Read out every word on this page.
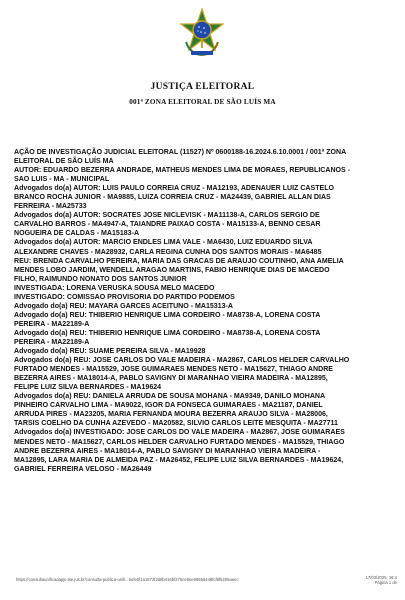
JUSTIÇA ELEITORAL
001ª ZONA ELEITORAL DE SÃO LUÍS MA
AÇÃO DE INVESTIGAÇÃO JUDICIAL ELEITORAL (11527) Nº 0600188-16.2024.6.10.0001 / 001ª ZONA
ELEITORAL DE SÃO LUÍS MA
AUTOR: EDUARDO BEZERRA ANDRADE, MATHEUS MENDES LIMA DE MORAES, REPUBLICANOS -
SAO LUIS - MA - MUNICIPAL
Advogados do(a) AUTOR: LUIS PAULO CORREIA CRUZ - MA12193, ADENAUER LUIZ CASTELO
BRANCO ROCHA JUNIOR - MA9885, LUIZA CORREIA CRUZ - MA24439, GABRIEL ALLAN DIAS
FERREIRA - MA25733
Advogados do(a) AUTOR: SOCRATES JOSE NICLEVISK - MA11138-A, CARLOS SERGIO DE
CARVALHO BARROS - MA4947-A, TAIANDRE PAIXAO COSTA - MA15133-A, BENNO CESAR
NOGUEIRA DE CALDAS - MA15183-A
Advogados do(a) AUTOR: MARCIO ENDLES LIMA VALE - MA6430, LUIZ EDUARDO SILVA
ALEXANDRE CHAVES - MA28932, CARLA REGINA CUNHA DOS SANTOS MORAIS - MA6485
REU: BRENDA CARVALHO PEREIRA, MARIA DAS GRACAS DE ARAUJO COUTINHO, ANA AMELIA
MENDES LOBO JARDIM, WENDELL ARAGAO MARTINS, FABIO HENRIQUE DIAS DE MACEDO
FILHO, RAIMUNDO NONATO DOS SANTOS JUNIOR
INVESTIGADA: LORENA VERUSKA SOUSA MELO MACEDO
INVESTIGADO: COMISSAO PROVISORIA DO PARTIDO PODEMOS
Advogado do(a) REU: MAYARA GARCES ACEITUNO - MA15313-A
Advogado do(a) REU: THIBERIO HENRIQUE LIMA CORDEIRO - MA8738-A, LORENA COSTA
PEREIRA - MA22189-A
Advogado do(a) REU: THIBERIO HENRIQUE LIMA CORDEIRO - MA8738-A, LORENA COSTA
PEREIRA - MA22189-A
Advogado do(a) REU: SUAME PEREIRA SILVA - MA19928
Advogados do(a) REU: JOSE CARLOS DO VALE MADEIRA - MA2867, CARLOS HELDER CARVALHO
FURTADO MENDES - MA15529, JOSE GUIMARAES MENDES NETO - MA15627, THIAGO ANDRE
BEZERRA AIRES - MA18014-A, PABLO SAVIGNY DI MARANHAO VIEIRA MADEIRA - MA12895,
FELIPE LUIZ SILVA BERNARDES - MA19624
Advogados do(a) REU: DANIELA ARRUDA DE SOUSA MOHANA - MA9349, DANILO MOHANA
PINHEIRO CARVALHO LIMA - MA9022, IGOR DA FONSECA GUIMARAES - MA21187, DANIEL
ARRUDA PIRES - MA23205, MARIA FERNANDA MOURA BEZERRA ARAUJO SILVA - MA28006,
TARSIS COELHO DA CUNHA AZEVEDO - MA20582, SILVIO CARLOS LEITE MESQUITA - MA27711
Advogados do(a) INVESTIGADO: JOSE CARLOS DO VALE MADEIRA - MA2867, JOSE GUIMARAES
MENDES NETO - MA15627, CARLOS HELDER CARVALHO FURTADO MENDES - MA15529, THIAGO
ANDRE BEZERRA AIRES - MA18014-A, PABLO SAVIGNY DI MARANHAO VIEIRA MADEIRA -
MA12895, LARA MARIA DE ALMEIDA PAZ - MA26452, FELIPE LUIZ SILVA BERNARDES - MA19624,
GABRIEL FERREIRA VELOSO - MA26449
https://consultaunificadapje.tse.jus.br/consulta-publica-unifi...5efe0f1a1872f2d8b416bf275ce9ee66556448fcf8f5205aeec	17/03/2025, 16:4
Página 1 de
